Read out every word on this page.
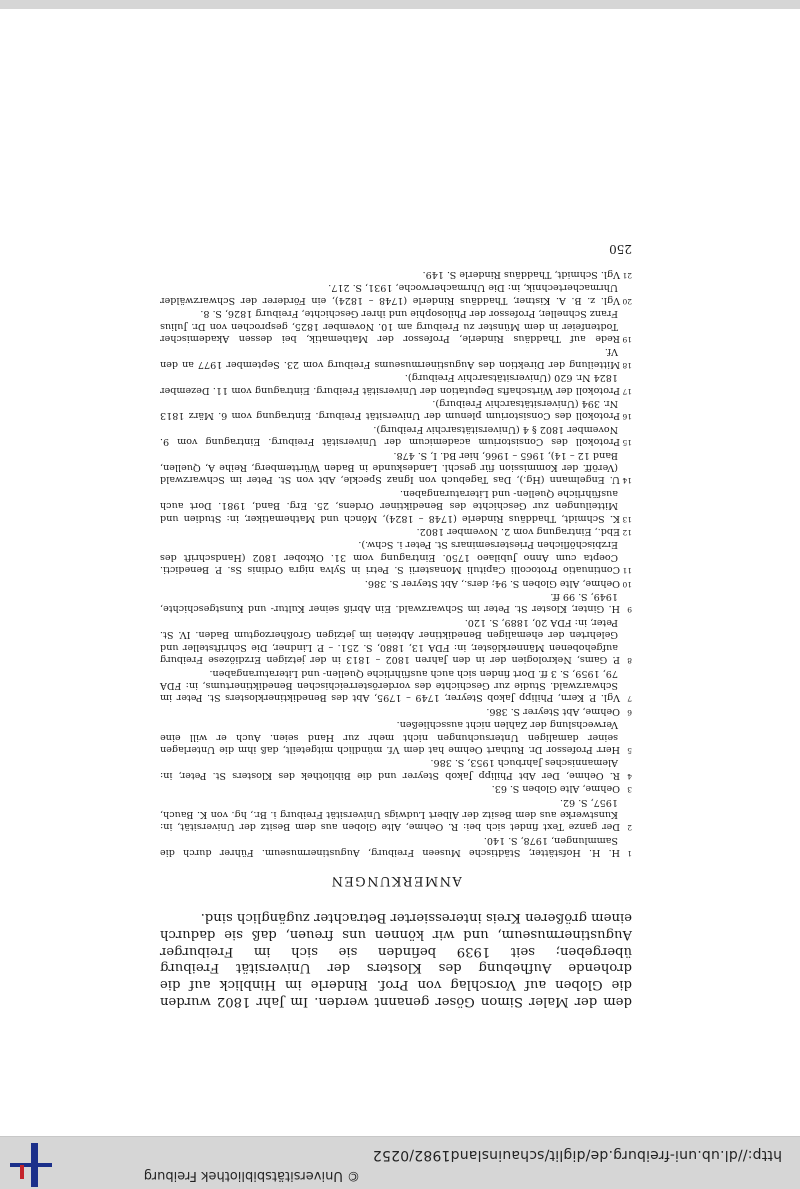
http://dl.ub.uni-freiburg.de/diglit/schauinsland1982/0252
© Universitätsbibliothek Freiburg

dem der Maler Simon Göser genannt werden. Im Jahr 1802 wurden die Globen auf Vorschlag von Prof. Rinderle im Hinblick auf die drohende Aufhebung des Klosters der Universität Freiburg übergeben; seit 1939 befinden sie sich im Freiburger Augustinermuseum, und wir können uns freuen, daß sie dadurch einem größeren Kreis interessierter Betrachter zugänglich sind.

ANMERKUNGEN
1H. H. Hofstätter, Städtische Museen Freiburg, Augustinermuseum. Führer durch die Sammlungen, 1978, S. 140.
2Der ganze Text findet sich bei: R. Oehme, Alte Globen aus dem Besitz der Universität, in: Kunstwerke aus dem Besitz der Albert Ludwigs Universität Freiburg i. Br., hg. von K. Bauch, 1957, S. 62.
3Oehme, Alte Globen S. 63.
4R. Oehme, Der Abt Philipp Jakob Steyrer und die Bibliothek des Klosters St. Peter, in: Alemannisches Jahrbuch 1953, S. 386.
5Herr Professor Dr. Ruthart Oehme hat dem Vf. mündlich mitgeteilt, daß ihm die Unterlagen seiner damaligen Untersuchungen nicht mehr zur Hand seien. Auch er will eine Verwechslung der Zahlen nicht ausschließen.
6Oehme, Abt Steyrer S. 386.
7Vgl. P. Kern, Philipp Jakob Steyrer, 1749 – 1795, Abt des Benediktinerklosters St. Peter im Schwarzwald. Studie zur Geschichte des vorderösterreichischen Benediktinertums, in: FDA 79, 1959, S. 3 ff. Dort finden sich auch ausführliche Quellen- und Literaturangaben.
8P. Gams, Nekrologien der in den Jahren 1802 – 1813 in der jetzigen Erzdiözese Freiburg aufgehobenen Männerklöster, in: FDA 13, 1880, S. 251. – P. Lindner, Die Schriftsteller und Gelehrten der ehemaligen Benediktiner Abteien im jetzigen Großherzogtum Baden. IV. St. Peter, in: FDA 20, 1889, S. 120.
9H. Ginter, Kloster St. Peter im Schwarzwald. Ein Abriß seiner Kultur- und Kunstgeschichte, 1949, S. 99 ff.
10Oehme, Alte Globen S. 94; ders., Abt Steyrer S. 386.
11Continuatio Protocolli Capituli Monasterii S. Petri in Sylva nigra Ordinis Ss. P. Benedicti. Coepta cum Anno Jubilaeo 1750. Eintragung vom 31. Oktober 1802 (Handschrift des Erzbischöflichen Priesterseminars St. Peter i. Schw.).
12Ebd., Eintragung vom 2. November 1802.
13K. Schmidt, Thaddäus Rinderle (1748 – 1824), Mönch und Mathematiker, in: Studien und Mitteilungen zur Geschichte des Benediktiner Ordens, 25. Erg. Band, 1981. Dort auch ausführliche Quellen- und Literaturangaben.
14U. Engelmann (Hg.), Das Tagebuch von Ignaz Speckle, Abt von St. Peter im Schwarzwald (Veröff. der Kommission für geschl. Landeskunde in Baden Württemberg, Reihe A, Quellen, Band 12 – 14), 1965 – 1966, hier Bd. I, S. 478.
15Protokoll des Consistorium academicum der Universität Freiburg. Eintragung vom 9. November 1802 § 4 (Universitätsarchiv Freiburg).
16Protokoll des Consistorium plenum der Universität Freiburg. Eintragung vom 6. März 1813 Nr. 394 (Universitätsarchiv Freiburg).
17Protokoll der Wirtschafts Deputation der Universität Freiburg. Eintragung vom 11. Dezember 1824 Nr. 620 (Universitätsarchiv Freiburg).
18Mitteilung der Direktion des Augustinermuseums Freiburg vom 23. September 1977 an den Vf.
19Rede auf Thaddäus Rinderle, Professor der Mathematik, bei dessen Akademischer Todtenfeier in dem Münster zu Freiburg am 10. November 1825, gesprochen von Dr. Julius Franz Schneller, Professor der Philosophie und ihrer Geschichte, Freiburg 1826, S. 8.
20Vgl. z. B. A. Kistner, Thaddäus Rinderle (1748 – 1824), ein Förderer der Schwarzwälder Uhrmachertechnik, in: Die Uhrmacherwoche, 1931, S. 217.
21Vgl. Schmidt, Thaddäus Rinderle S. 149.
250
